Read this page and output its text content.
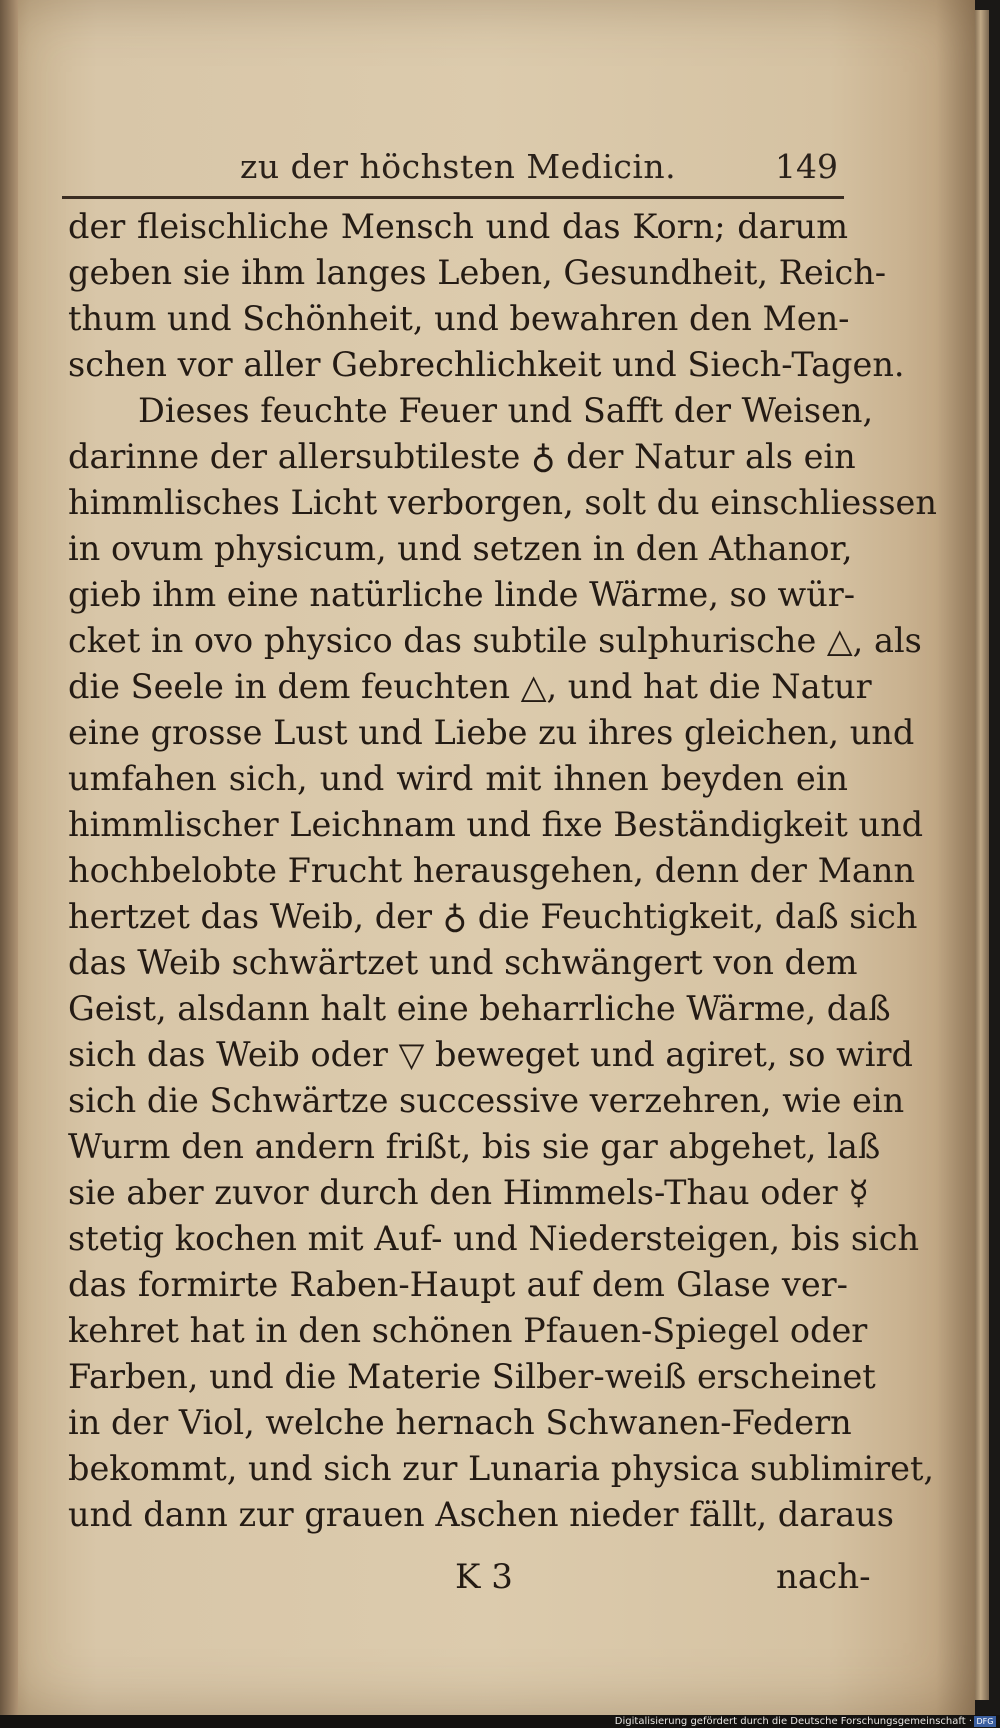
zu der höchsten Medicin.	149
der fleischliche Mensch und das Korn; darum
geben sie ihm langes Leben, Gesundheit, Reich-
thum und Schönheit, und bewahren den Men-
schen vor aller Gebrechlichkeit und Siech-Tagen.
Dieses feuchte Feuer und Safft der Weisen,
darinne der allersubtileste ♁ der Natur als ein
himmlisches Licht verborgen, solt du einschliessen
in ovum physicum, und setzen in den Athanor,
gieb ihm eine natürliche linde Wärme, so wür-
cket in ovo physico das subtile sulphurische △, als
die Seele in dem feuchten △, und hat die Natur
eine grosse Lust und Liebe zu ihres gleichen, und
umfahen sich, und wird mit ihnen beyden ein
himmlischer Leichnam und fixe Beständigkeit und
hochbelobte Frucht herausgehen, denn der Mann
hertzet das Weib, der ♁ die Feuchtigkeit, daß sich
das Weib schwärtzet und schwängert von dem
Geist, alsdann halt eine beharrliche Wärme, daß
sich das Weib oder ▽ beweget und agiret, so wird
sich die Schwärtze successive verzehren, wie ein
Wurm den andern frißt, bis sie gar abgehet, laß
sie aber zuvor durch den Himmels-Thau oder ☿
stetig kochen mit Auf- und Niedersteigen, bis sich
das formirte Raben-Haupt auf dem Glase ver-
kehret hat in den schönen Pfauen-Spiegel oder
Farben, und die Materie Silber-weiß erscheinet
in der Viol, welche hernach Schwanen-Federn
bekommt, und sich zur Lunaria physica sublimiret,
und dann zur grauen Aschen nieder fällt, daraus
K 3	nach-
Digitalisierung gefördert durch die Deutsche Forschungsgemeinschaft · DFG
